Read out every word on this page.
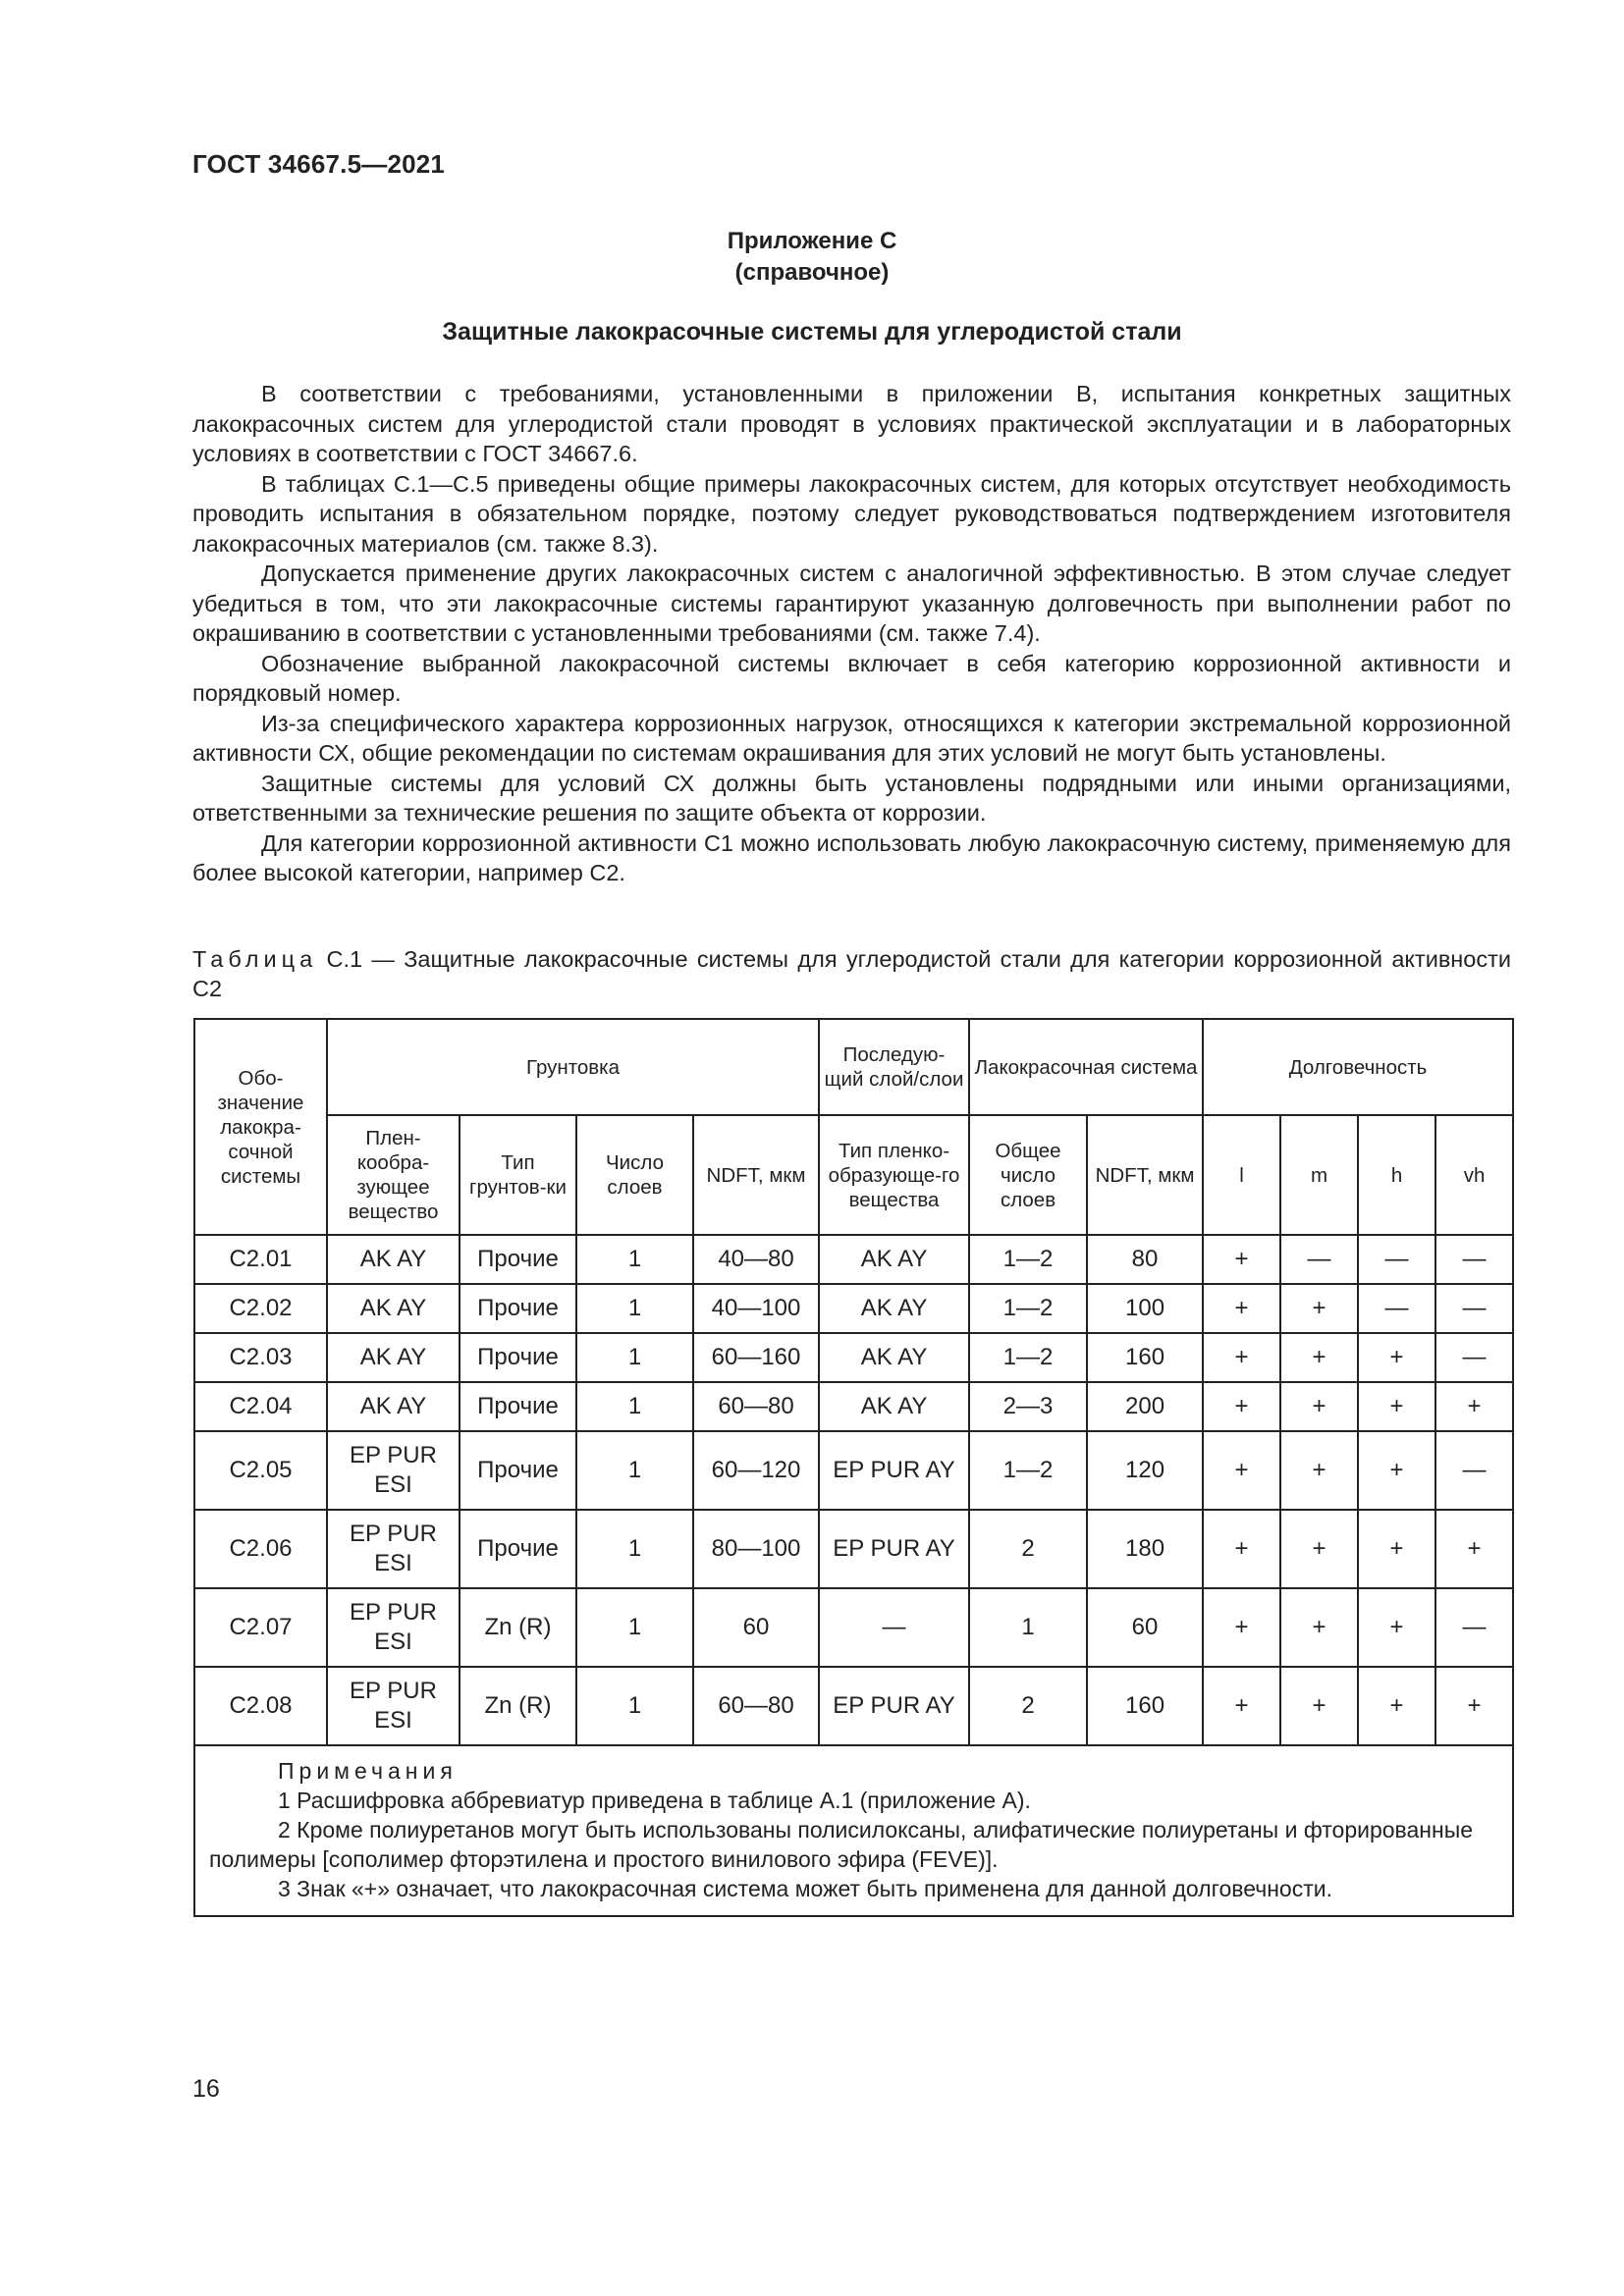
ГОСТ 34667.5—2021
Приложение С
(справочное)
Защитные лакокрасочные системы для углеродистой стали

В соответствии с требованиями, установленными в приложении В, испытания конкретных защитных лакокрасочных систем для углеродистой стали проводят в условиях практической эксплуатации и в лабораторных условиях в соответствии с ГОСТ 34667.6.

В таблицах С.1—С.5 приведены общие примеры лакокрасочных систем, для которых отсутствует необходимость проводить испытания в обязательном порядке, поэтому следует руководствоваться подтверждением изготовителя лакокрасочных материалов (см. также 8.3).

Допускается применение других лакокрасочных систем с аналогичной эффективностью. В этом случае следует убедиться в том, что эти лакокрасочные системы гарантируют указанную долговечность при выполнении работ по окрашиванию в соответствии с установленными требованиями (см. также 7.4).

Обозначение выбранной лакокрасочной системы включает в себя категорию коррозионной активности и порядковый номер.

Из-за специфического характера коррозионных нагрузок, относящихся к категории экстремальной коррозионной активности СХ, общие рекомендации по системам окрашивания для этих условий не могут быть установлены.

Защитные системы для условий СХ должны быть установлены подрядными или иными организациями, ответственными за технические решения по защите объекта от коррозии.

Для категории коррозионной активности С1 можно использовать любую лакокрасочную систему, применяемую для более высокой категории, например С2.

Таблица С.1 — Защитные лакокрасочные системы для углеродистой стали для категории коррозионной активности С2
Обо-значение лакокра-сочной системы	Грунтовка				Последую-щий слой/слои	Лакокрасочная система		Долговечность			
	Плен-кообра-зующее вещество	Тип грунтов-ки	Число слоев	NDFT, мкм	Тип пленко-образующе-го вещества	Общее число слоев	NDFT, мкм	l	m	h	vh
C2.01	AK AY	Прочие	1	40—80	AK AY	1—2	80	+	—	—	—
C2.02	AK AY	Прочие	1	40—100	AK AY	1—2	100	+	+	—	—
C2.03	AK AY	Прочие	1	60—160	AK AY	1—2	160	+	+	+	—
C2.04	AK AY	Прочие	1	60—80	AK AY	2—3	200	+	+	+	+
C2.05	EP PUR ESI	Прочие	1	60—120	EP PUR AY	1—2	120	+	+	+	—
C2.06	EP PUR ESI	Прочие	1	80—100	EP PUR AY	2	180	+	+	+	+
C2.07	EP PUR ESI	Zn (R)	1	60	—	1	60	+	+	+	—
C2.08	EP PUR ESI	Zn (R)	1	60—80	EP PUR AY	2	160	+	+	+	+

Примечания
1 Расшифровка аббревиатур приведена в таблице А.1 (приложение А).
2 Кроме полиуретанов могут быть использованы полисилоксаны, алифатические полиуретаны и фторированные полимеры [сополимер фторэтилена и простого винилового эфира (FEVE)].
3 Знак «+» означает, что лакокрасочная система может быть применена для данной долговечности.											
16
